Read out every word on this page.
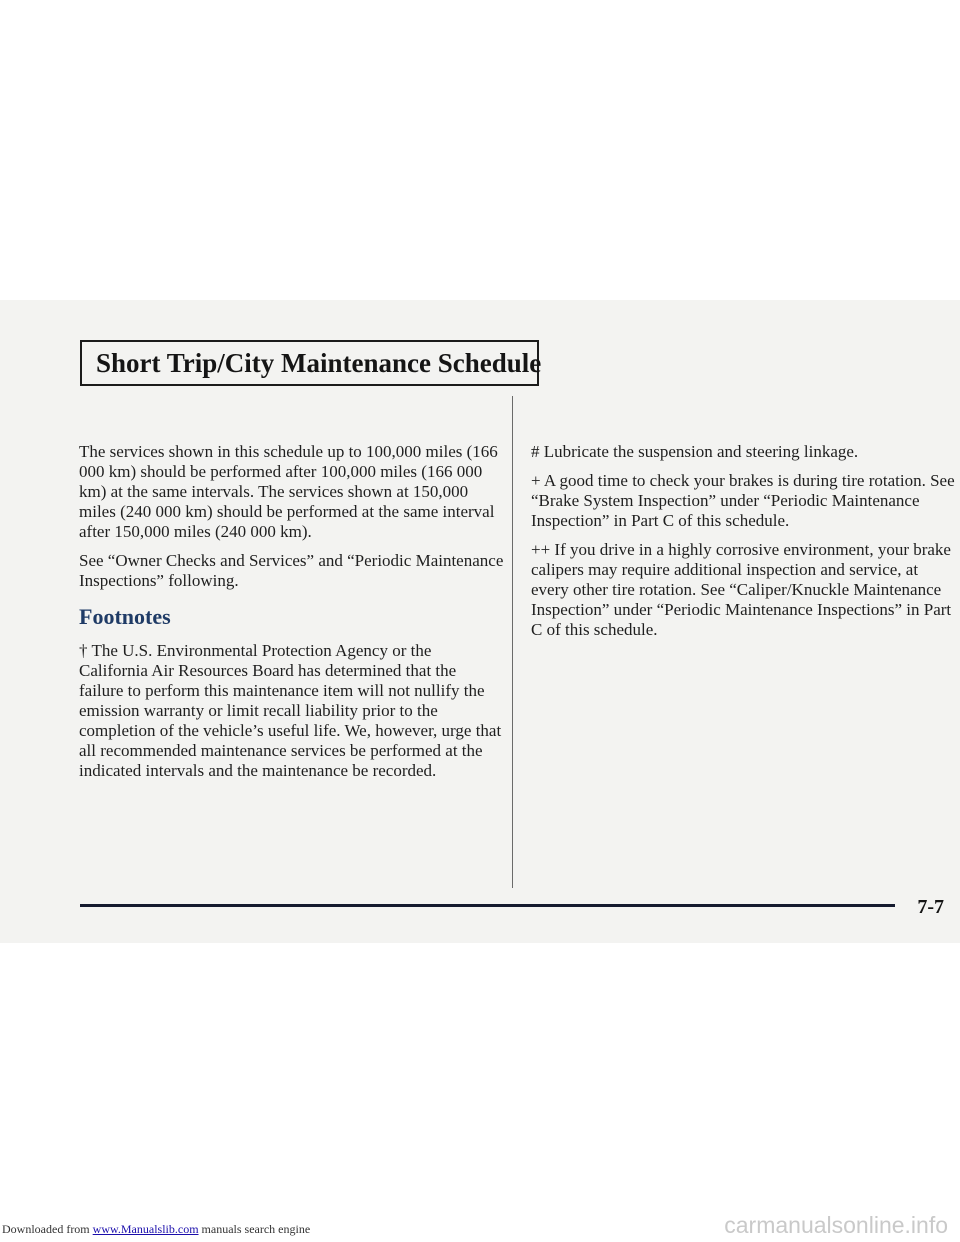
Short Trip/City Maintenance Schedule

The services shown in this schedule up to 100,000 miles (166 000 km) should be performed after 100,000 miles (166 000 km) at the same intervals. The services shown at 150,000 miles (240 000 km) should be performed at the same interval after 150,000 miles (240 000 km).

See “Owner Checks and Services” and “Periodic Maintenance Inspections” following.

Footnotes

† The U.S. Environmental Protection Agency or the California Air Resources Board has determined that the failure to perform this maintenance item will not nullify the emission warranty or limit recall liability prior to the completion of the vehicle’s useful life. We, however, urge that all recommended maintenance services be performed at the indicated intervals and the maintenance be recorded.

# Lubricate the suspension and steering linkage.

+ A good time to check your brakes is during tire rotation. See “Brake System Inspection” under “Periodic Maintenance Inspection” in Part C of this schedule.

++ If you drive in a highly corrosive environment, your brake calipers may require additional inspection and service, at every other tire rotation. See “Caliper/Knuckle Maintenance Inspection” under “Periodic Maintenance Inspections” in Part C of this schedule.

7-7
Downloaded from www.Manualslib.com manuals search engine	carmanualsonline.info
